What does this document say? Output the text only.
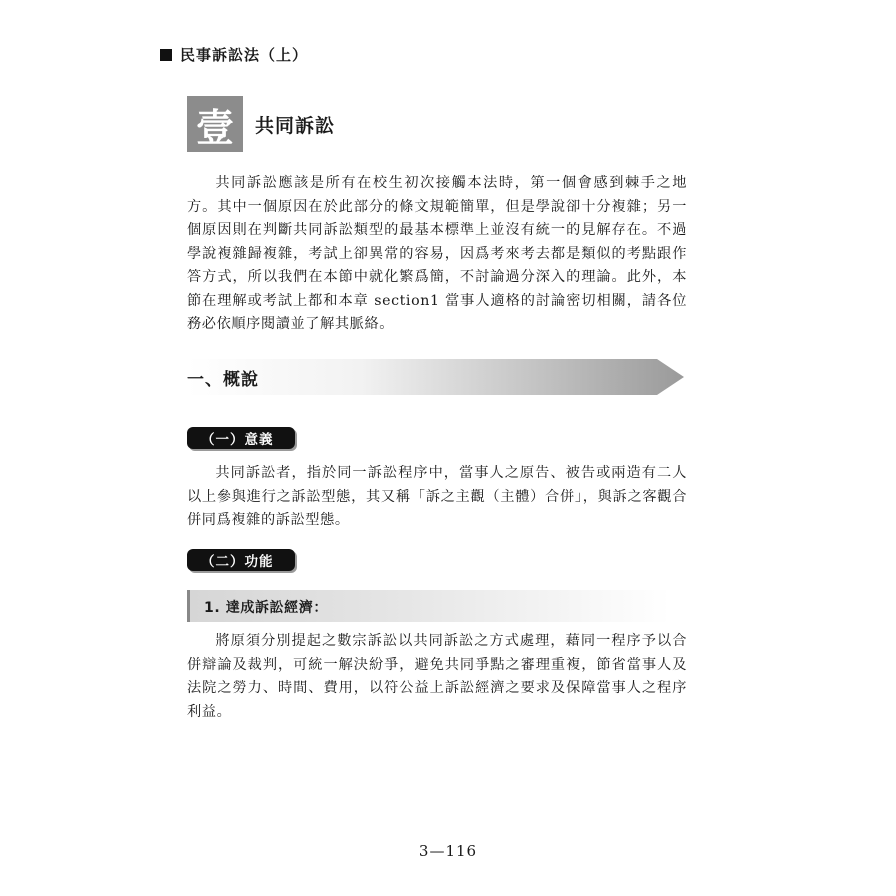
民事訴訟法（上）
壹	共同訴訟

共同訴訟應該是所有在校生初次接觸本法時，第一個會感到棘手之地方。其中一個原因在於此部分的條文規範簡單，但是學說卻十分複雜；另一個原因則在判斷共同訴訟類型的最基本標準上並沒有統一的見解存在。不過學說複雜歸複雜，考試上卻異常的容易，因爲考來考去都是類似的考點跟作答方式，所以我們在本節中就化繁爲簡，不討論過分深入的理論。此外，本節在理解或考試上都和本章 section1 當事人適格的討論密切相關，請各位務必依順序閱讀並了解其脈絡。

一、概說
（一）意義

共同訴訟者，指於同一訴訟程序中，當事人之原告、被告或兩造有二人以上參與進行之訴訟型態，其又稱「訴之主觀（主體）合併」，與訴之客觀合併同爲複雜的訴訟型態。

（二）功能
1. 達成訴訟經濟：

將原須分別提起之數宗訴訟以共同訴訟之方式處理，藉同一程序予以合併辯論及裁判，可統一解決紛爭，避免共同爭點之審理重複，節省當事人及法院之勞力、時間、費用，以符公益上訴訟經濟之要求及保障當事人之程序利益。

3—116
